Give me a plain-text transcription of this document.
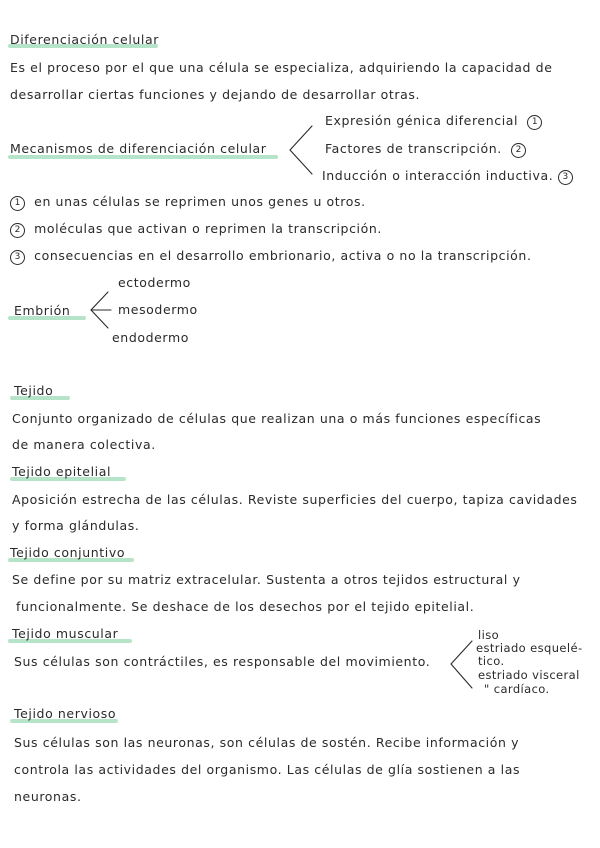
Diferenciación celular
Es el proceso por el que una célula se especializa, adquiriendo la capacidad de
desarrollar ciertas funciones y dejando de desarrollar otras.
Mecanismos de diferenciación celular
Expresión génica diferencial 1
Factores de transcripción. 2
Inducción o interacción inductiva. 3
1 en unas células se reprimen unos genes u otros.
2 moléculas que activan o reprimen la transcripción.
3 consecuencias en el desarrollo embrionario, activa o no la transcripción.
Embrión
ectodermo
mesodermo
endodermo
Tejido
Conjunto organizado de células que realizan una o más funciones específicas
de manera colectiva.
Tejido epitelial
Aposición estrecha de las células. Reviste superficies del cuerpo, tapiza cavidades
y forma glándulas.
Tejido conjuntivo
Se define por su matriz extracelular. Sustenta a otros tejidos estructural y
funcionalmente. Se deshace de los desechos por el tejido epitelial.
Tejido muscular
Sus células son contráctiles, es responsable del movimiento.
liso
estriado esquelé-
tico.
estriado visceral
" cardíaco.
Tejido nervioso
Sus células son las neuronas, son células de sostén. Recibe información y
controla las actividades del organismo. Las células de glía sostienen a las
neuronas.
